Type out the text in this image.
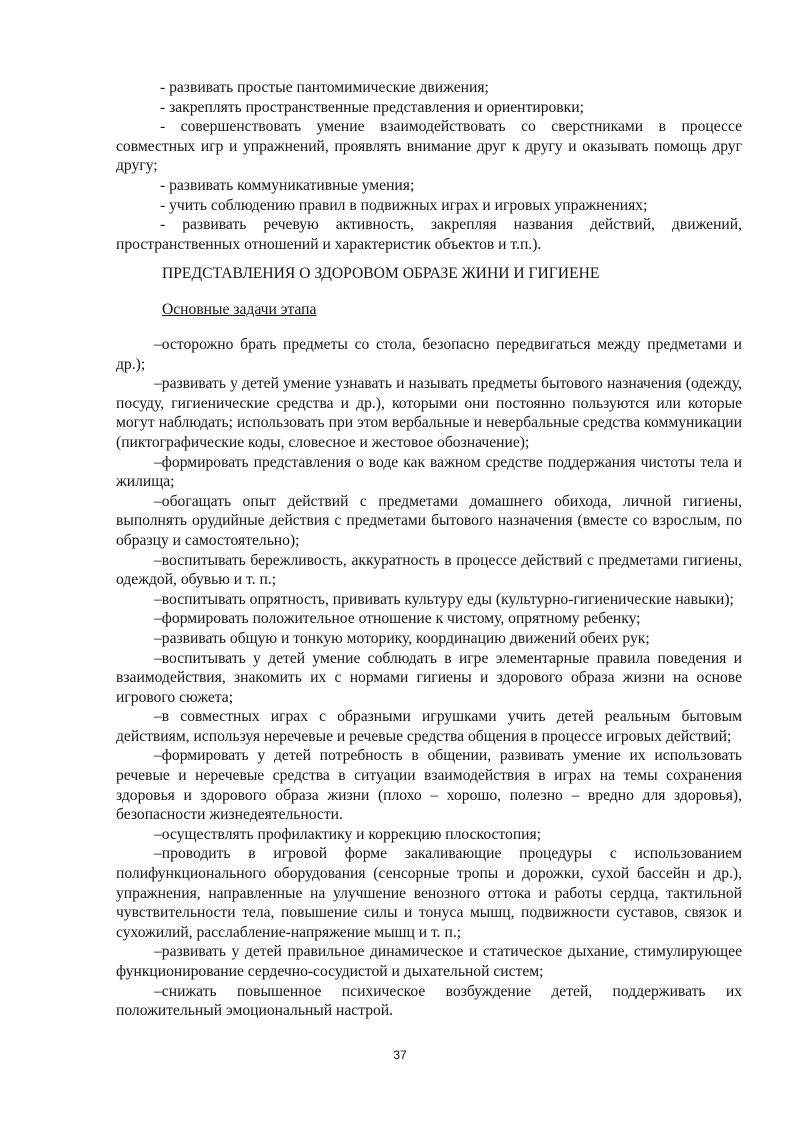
- развивать простые пантомимические движения;

- закреплять пространственные представления и ориентировки;

- совершенствовать умение взаимодействовать со сверстниками в процессе совместных игр и упражнений, проявлять внимание друг к другу и оказывать помощь друг другу;

- развивать коммуникативные умения;

- учить соблюдению правил в подвижных играх и игровых упражнениях;

- развивать речевую активность, закрепляя названия действий, движений, пространственных отношений и характеристик объектов и т.п.).

ПРЕДСТАВЛЕНИЯ О ЗДОРОВОМ ОБРАЗЕ ЖИНИ И ГИГИЕНЕ
Основные задачи этапа

–осторожно брать предметы со стола, безопасно передвигаться между предметами и др.);

–развивать у детей умение узнавать и называть предметы бытового назначения (одежду, посуду, гигиенические средства и др.), которыми они постоянно пользуются или которые могут наблюдать; использовать при этом вербальные и невербальные средства коммуникации (пиктографические коды, словесное и жестовое обозначение);

–формировать представления о воде как важном средстве поддержания чистоты тела и жилища;

–обогащать опыт действий с предметами домашнего обихода, личной гигиены, выполнять орудийные действия с предметами бытового назначения (вместе со взрослым, по образцу и самостоятельно);

–воспитывать бережливость, аккуратность в процессе действий с предметами гигиены, одеждой, обувью и т. п.;

–воспитывать опрятность, прививать культуру еды (культурно-гигиенические навыки);

–формировать положительное отношение к чистому, опрятному ребенку;

–развивать общую и тонкую моторику, координацию движений обеих рук;

–воспитывать у детей умение соблюдать в игре элементарные правила поведения и взаимодействия, знакомить их с нормами гигиены и здорового образа жизни на основе игрового сюжета;

–в совместных играх с образными игрушками учить детей реальным бытовым действиям, используя неречевые и речевые средства общения в процессе игровых действий;

–формировать у детей потребность в общении, развивать умение их использовать речевые и неречевые средства в ситуации взаимодействия в играх на темы сохранения здоровья и здорового образа жизни (плохо – хорошо, полезно – вредно для здоровья), безопасности жизнедеятельности.

–осуществлять профилактику и коррекцию плоскостопия;

–проводить в игровой форме закаливающие процедуры с использованием полифункционального оборудования (сенсорные тропы и дорожки, сухой бассейн и др.), упражнения, направленные на улучшение венозного оттока и работы сердца, тактильной чувствительности тела, повышение силы и тонуса мышц, подвижности суставов, связок и сухожилий, расслабление-напряжение мышц и т. п.;

–развивать у детей правильное динамическое и статическое дыхание, стимулирующее функционирование сердечно-сосудистой и дыхательной систем;

–снижать повышенное психическое возбуждение детей, поддерживать их положительный эмоциональный настрой.

37
